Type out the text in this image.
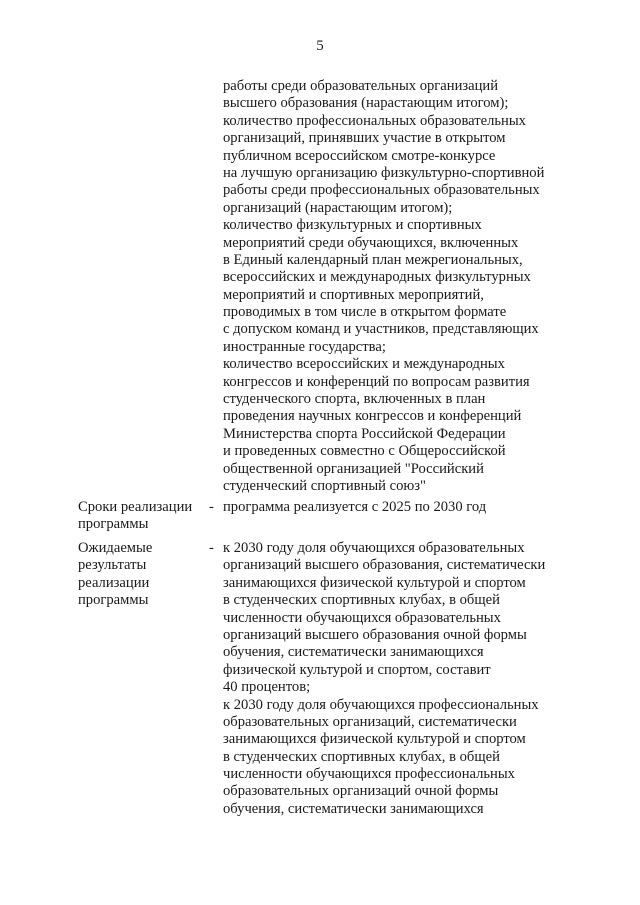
5
работы среди образовательных организаций
высшего образования (нарастающим итогом);
количество профессиональных образовательных
организаций, принявших участие в открытом
публичном всероссийском смотре-конкурсе
на лучшую организацию физкультурно-спортивной
работы среди профессиональных образовательных
организаций (нарастающим итогом);
количество физкультурных и спортивных
мероприятий среди обучающихся, включенных
в Единый календарный план межрегиональных,
всероссийских и международных физкультурных
мероприятий и спортивных мероприятий,
проводимых в том числе в открытом формате
с допуском команд и участников, представляющих
иностранные государства;
количество всероссийских и международных
конгрессов и конференций по вопросам развития
студенческого спорта, включенных в план
проведения научных конгрессов и конференций
Министерства спорта Российской Федерации
и проведенных совместно с Общероссийской
общественной организацией "Российский
студенческий спортивный союз"
Сроки реализации
программы
- программа реализуется с 2025 по 2030 год
Ожидаемые
результаты
реализации
программы
- к 2030 году доля обучающихся образовательных
организаций высшего образования, систематически
занимающихся физической культурой и спортом
в студенческих спортивных клубах, в общей
численности обучающихся образовательных
организаций высшего образования очной формы
обучения, систематически занимающихся
физической культурой и спортом, составит
40 процентов;
к 2030 году доля обучающихся профессиональных
образовательных организаций, систематически
занимающихся физической культурой и спортом
в студенческих спортивных клубах, в общей
численности обучающихся профессиональных
образовательных организаций очной формы
обучения, систематически занимающихся
